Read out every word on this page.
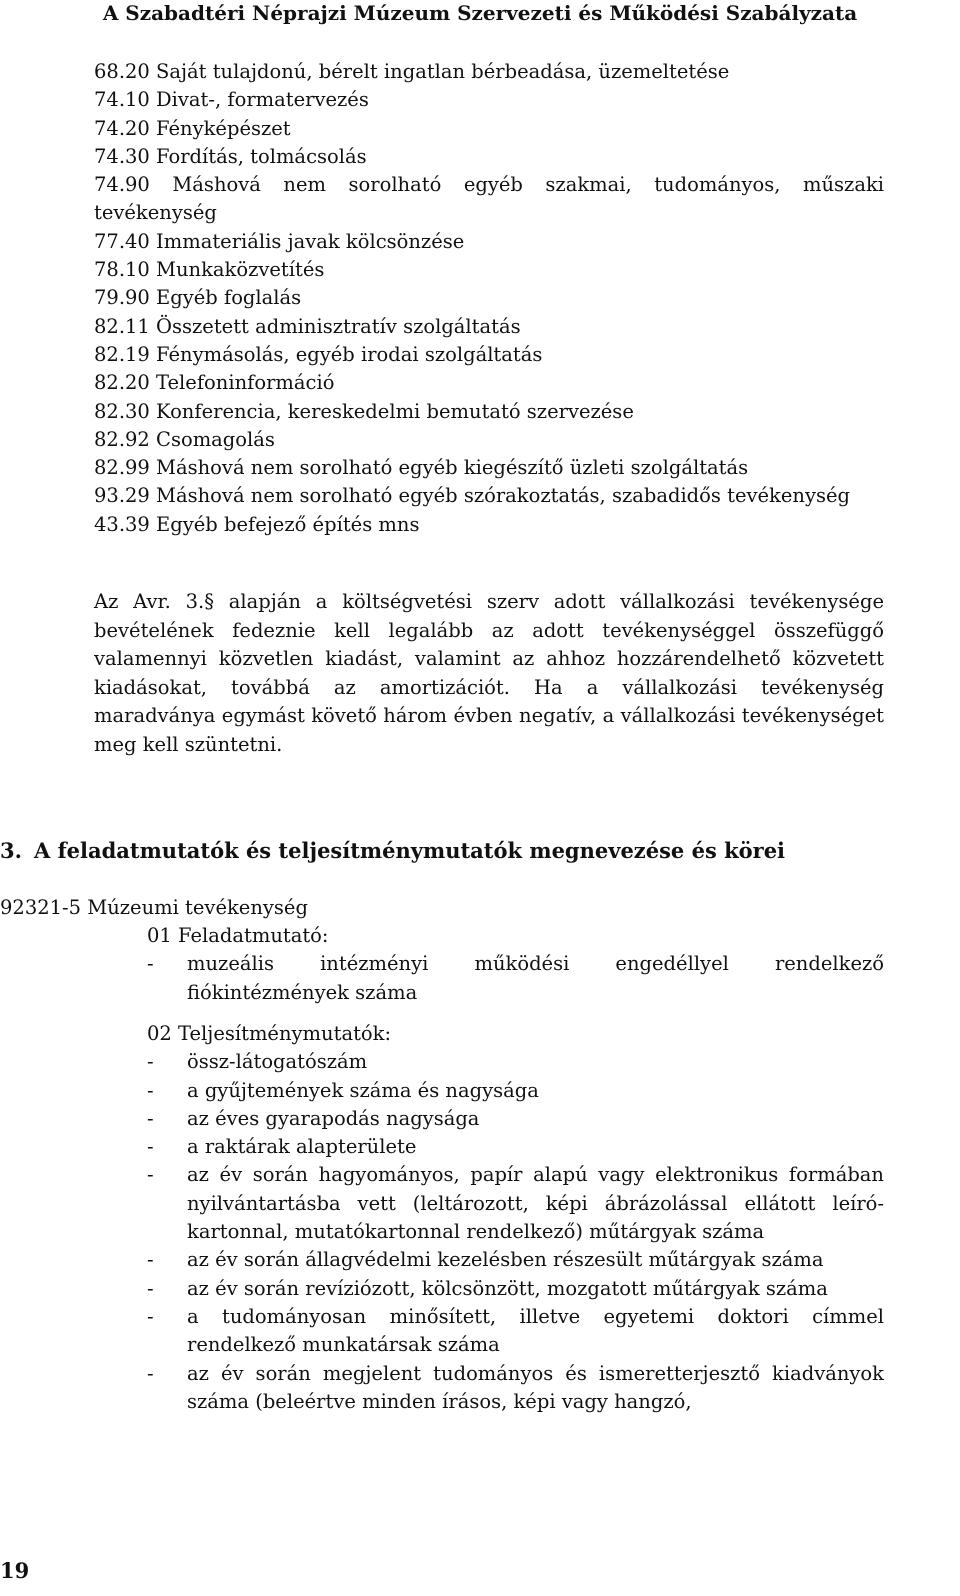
A Szabadtéri Néprajzi Múzeum Szervezeti és Működési Szabályzata
68.20 Saját tulajdonú, bérelt ingatlan bérbeadása, üzemeltetése
74.10 Divat-, formatervezés
74.20 Fényképészet
74.30 Fordítás, tolmácsolás
74.90 Máshová nem sorolható egyéb szakmai, tudományos, műszaki tevékenység
77.40 Immateriális javak kölcsönzése
78.10 Munkaközvetítés
79.90 Egyéb foglalás
82.11 Összetett adminisztratív szolgáltatás
82.19 Fénymásolás, egyéb irodai szolgáltatás
82.20 Telefoninformáció
82.30 Konferencia, kereskedelmi bemutató szervezése
82.92 Csomagolás
82.99 Máshová nem sorolható egyéb kiegészítő üzleti szolgáltatás
93.29 Máshová nem sorolható egyéb szórakoztatás, szabadidős tevékenység
43.39 Egyéb befejező építés mns
Az Avr. 3.§ alapján a költségvetési szerv adott vállalkozási tevékenysége bevételének fedeznie kell legalább az adott tevékenységgel összefüggő valamennyi közvetlen kiadást, valamint az ahhoz hozzárendelhető közvetett kiadásokat, továbbá az amortizációt. Ha a vállalkozási tevékenység maradványa egymást követő három évben negatív, a vállalkozási tevékenységet meg kell szüntetni.
3. A feladatmutatók és teljesítménymutatók megnevezése és körei
92321-5 Múzeumi tevékenység
01 Feladatmutató:
-	muzeális intézményi működési engedéllyel rendelkező fiókintézmények száma
02 Teljesítménymutatók:
-	össz-látogatószám
-	a gyűjtemények száma és nagysága
-	az éves gyarapodás nagysága
-	a raktárak alapterülete
-	az év során hagyományos, papír alapú vagy elektronikus formában nyilvántartásba vett (leltározott, képi ábrázolással ellátott leíró-kartonnal, mutatókartonnal rendelkező) műtárgyak száma
-	az év során állagvédelmi kezelésben részesült műtárgyak száma
-	az év során revíziózott, kölcsönzött, mozgatott műtárgyak száma
-	a tudományosan minősített, illetve egyetemi doktori címmel rendelkező munkatársak száma
-	az év során megjelent tudományos és ismeretterjesztő kiadványok száma (beleértve minden írásos, képi vagy hangzó,
19
